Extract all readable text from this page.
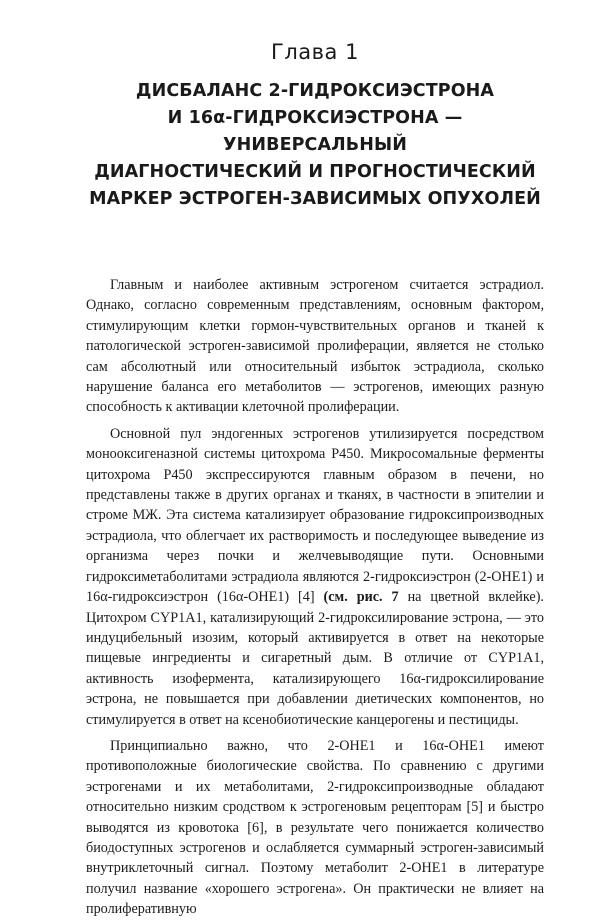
Глава 1
ДИСБАЛАНС 2-ГИДРОКСИЭСТРОНА
И 16α-ГИДРОКСИЭСТРОНА — УНИВЕРСАЛЬНЫЙ
ДИАГНОСТИЧЕСКИЙ И ПРОГНОСТИЧЕСКИЙ
МАРКЕР ЭСТРОГЕН-ЗАВИСИМЫХ ОПУХОЛЕЙ

Главным и наиболее активным эстрогеном считается эстрадиол. Однако, согласно современным представлениям, основным фактором, стимулирующим клетки гормон-чувствительных органов и тканей к патологической эстроген-зависимой пролиферации, является не столько сам абсолютный или относительный избыток эстрадиола, сколько нарушение баланса его метаболитов — эстрогенов, имеющих разную способность к активации клеточной пролиферации.

Основной пул эндогенных эстрогенов утилизируется посредством монооксигеназной системы цитохрома Р450. Микросомальные ферменты цитохрома Р450 экспрессируются главным образом в печени, но представлены также в других органах и тканях, в частности в эпителии и строме МЖ. Эта система катализирует образование гидроксипроизводных эстрадиола, что облегчает их растворимость и последующее выведение из организма через почки и желчевыводящие пути. Основными гидроксиметаболитами эстрадиола являются 2-гидроксиэстрон (2-ОНЕ1) и 16α-гидроксиэстрон (16α-ОНЕ1) [4] (см. рис. 7 на цветной вклейке). Цитохром CYP1A1, катализирующий 2-гидроксилирование эстрона, — это индуцибельный изозим, который активируется в ответ на некоторые пищевые ингредиенты и сигаретный дым. В отличие от CYP1A1, активность изофермента, катализирующего 16α-гидроксилирование эстрона, не повышается при добавлении диетических компонентов, но стимулируется в ответ на ксенобиотические канцерогены и пестициды.

Принципиально важно, что 2-ОНЕ1 и 16α-ОНЕ1 имеют противоположные биологические свойства. По сравнению с другими эстрогенами и их метаболитами, 2-гидроксипроизводные обладают относительно низким сродством к эстрогеновым рецепторам [5] и быстро выводятся из кровотока [6], в результате чего понижается количество биодоступных эстрогенов и ослабляется суммарный эстроген-зависимый внутриклеточный сигнал. Поэтому метаболит 2-ОНЕ1 в литературе получил название «хорошего эстрогена». Он практически не влияет на пролиферативную
